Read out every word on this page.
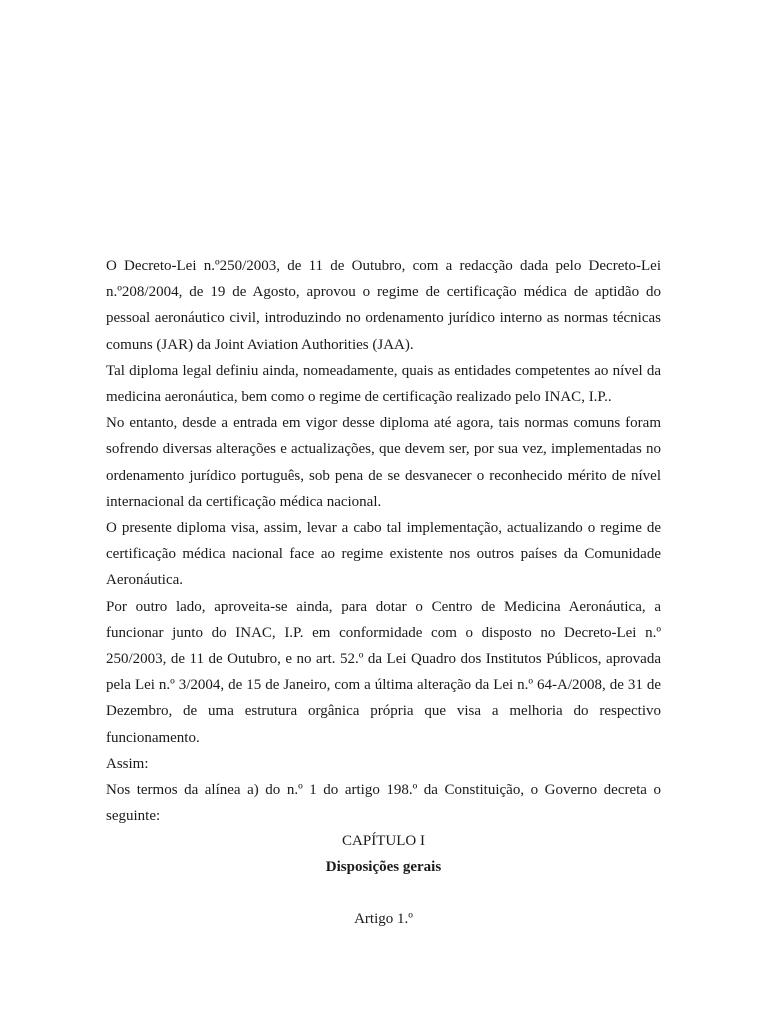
O Decreto-Lei n.º250/2003, de 11 de Outubro, com a redacção dada pelo Decreto-Lei n.º208/2004, de 19 de Agosto, aprovou o regime de certificação médica de aptidão do pessoal aeronáutico civil, introduzindo no ordenamento jurídico interno as normas técnicas comuns (JAR) da Joint Aviation Authorities (JAA).

Tal diploma legal definiu ainda, nomeadamente, quais as entidades competentes ao nível da medicina aeronáutica, bem como o regime de certificação realizado pelo INAC, I.P..

No entanto, desde a entrada em vigor desse diploma até agora, tais normas comuns foram sofrendo diversas alterações e actualizações, que devem ser, por sua vez, implementadas no ordenamento jurídico português, sob pena de se desvanecer o reconhecido mérito de nível internacional da certificação médica nacional.

O presente diploma visa, assim, levar a cabo tal implementação, actualizando o regime de certificação médica nacional face ao regime existente nos outros países da Comunidade Aeronáutica.

Por outro lado, aproveita-se ainda, para dotar o Centro de Medicina Aeronáutica, a funcionar junto do INAC, I.P. em conformidade com o disposto no Decreto-Lei n.º 250/2003, de 11 de Outubro, e no art. 52.º da Lei Quadro dos Institutos Públicos, aprovada pela Lei n.º 3/2004, de 15 de Janeiro, com a última alteração da Lei n.º 64-A/2008, de 31 de Dezembro, de uma estrutura orgânica própria que visa a melhoria do respectivo funcionamento.

Assim:

Nos termos da alínea a) do n.º 1 do artigo 198.º da Constituição, o Governo decreta o seguinte:

CAPÍTULO I
Disposições gerais
Artigo 1.º
